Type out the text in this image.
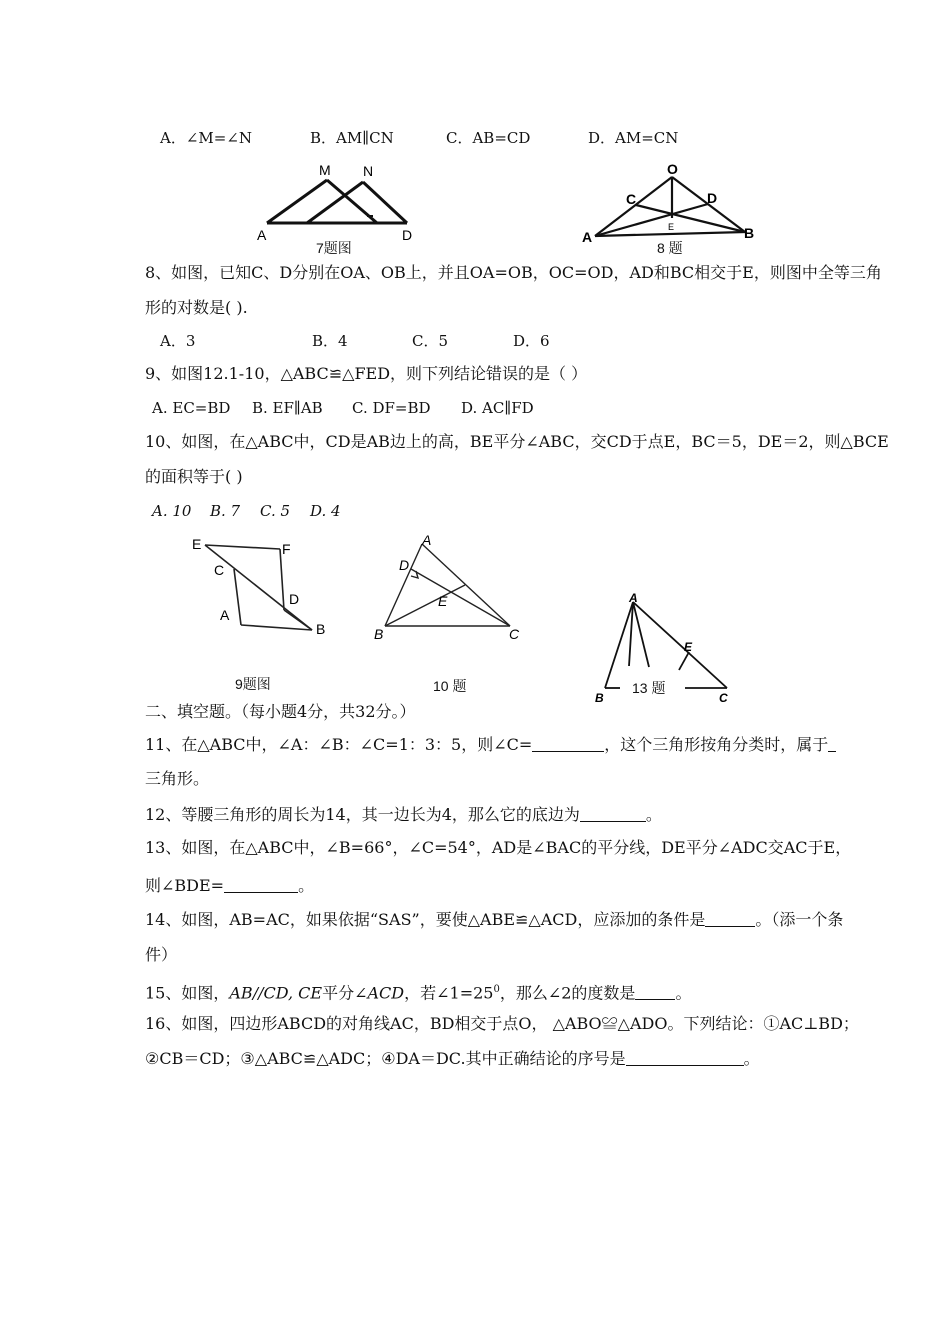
A．∠M=∠N	B．AM∥CN	C．AB=CD	D．AM=CN
M N
A	D
7题图
O
C	D
A	B
E
8 题
8、如图，已知C、D分别在OA、OB上，并且OA=OB，OC=OD，AD和BC相交于E，则图中全等三角
形的对数是( ).
A．3	B．4	C．5	D．6
9、如图12.1-10，△ABC≌△FED，则下列结论错误的是（ ）
A. EC=BD B. EF∥AB C. DF=BD D. AC∥FD
10、如图，在△ABC中，CD是AB边上的高，BE平分∠ABC，交CD于点E，BC＝5，DE＝2，则△BCE
的面积等于( )
A. 10 B. 7 C. 5 D. 4
E	F
C
D
A
B
9题图
A
D
E
B	C
10 题
A
E
B	C
13 题
二、填空题。（每小题4分，共32分。）
11、在△ABC中，∠A：∠B：∠C=1：3：5，则∠C=	，这个三角形按角分类时，属于
三角形。
12、等腰三角形的周长为14，其一边长为4，那么它的底边为	。
13、如图，在△ABC中，∠B=66°，∠C=54°，AD是∠BAC的平分线，DE平分∠ADC交AC于E，
则∠BDE=	。
14、如图，AB=AC，如果依据“SAS”，要使△ABE≌△ACD，应添加的条件是	。（添一个条
件）
15、如图，AB//CD, CE平分∠ACD，若$\angle 1=25^0$，那么∠2的度数是	。
16、如图，四边形ABCD的对角线AC，BD相交于点O， △ABO≌△ADO。下列结论：①AC⊥BD；
②CB＝CD；③△ABC≌△ADC；④DA＝DC.其中正确结论的序号是	。
